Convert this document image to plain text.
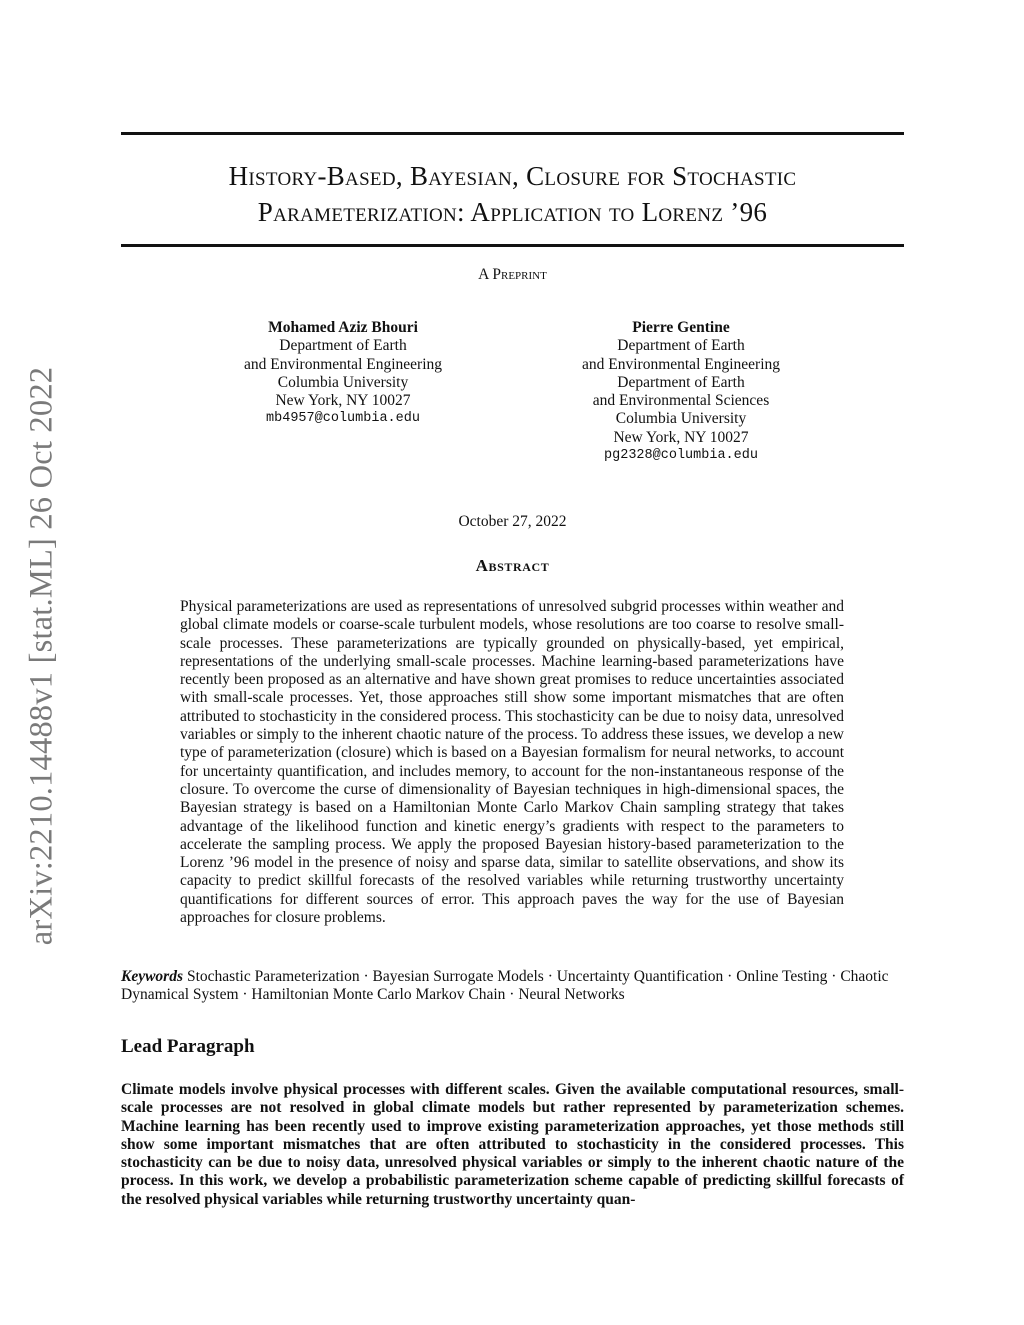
arXiv:2210.14488v1 [stat.ML] 26 Oct 2022
History-Based, Bayesian, Closure for Stochastic
Parameterization: Application to Lorenz ’96
A Preprint
Mohamed Aziz Bhouri
Department of Earth
and Environmental Engineering
Columbia University
New York, NY 10027
mb4957@columbia.edu
Pierre Gentine
Department of Earth
and Environmental Engineering
Department of Earth
and Environmental Sciences
Columbia University
New York, NY 10027
pg2328@columbia.edu
October 27, 2022
Abstract
Physical parameterizations are used as representations of unresolved subgrid processes within weather and global climate models or coarse-scale turbulent models, whose resolutions are too coarse to resolve small-scale processes. These parameterizations are typically grounded on physically-based, yet empirical, representations of the underlying small-scale processes. Machine learning-based parameterizations have recently been proposed as an alternative and have shown great promises to reduce uncertainties associated with small-scale processes. Yet, those approaches still show some important mismatches that are often attributed to stochasticity in the considered process. This stochasticity can be due to noisy data, unresolved variables or simply to the inherent chaotic nature of the process. To address these issues, we develop a new type of parameterization (closure) which is based on a Bayesian formalism for neural networks, to account for uncertainty quantification, and includes memory, to account for the non-instantaneous response of the closure. To overcome the curse of dimensionality of Bayesian techniques in high-dimensional spaces, the Bayesian strategy is based on a Hamiltonian Monte Carlo Markov Chain sampling strategy that takes advantage of the likelihood function and kinetic energy’s gradients with respect to the parameters to accelerate the sampling process. We apply the proposed Bayesian history-based parameterization to the Lorenz ’96 model in the presence of noisy and sparse data, similar to satellite observations, and show its capacity to predict skillful forecasts of the resolved variables while returning trustworthy uncertainty quantifications for different sources of error. This approach paves the way for the use of Bayesian approaches for closure problems.
Keywords Stochastic Parameterization · Bayesian Surrogate Models · Uncertainty Quantification · Online Testing · Chaotic Dynamical System · Hamiltonian Monte Carlo Markov Chain · Neural Networks
Lead Paragraph
Climate models involve physical processes with different scales. Given the available computational resources, small-scale processes are not resolved in global climate models but rather represented by parameterization schemes. Machine learning has been recently used to improve existing parameterization approaches, yet those methods still show some important mismatches that are often attributed to stochasticity in the considered processes. This stochasticity can be due to noisy data, unresolved physical variables or simply to the inherent chaotic nature of the process. In this work, we develop a probabilistic parameterization scheme capable of predicting skillful forecasts of the resolved physical variables while returning trustworthy uncertainty quan-
